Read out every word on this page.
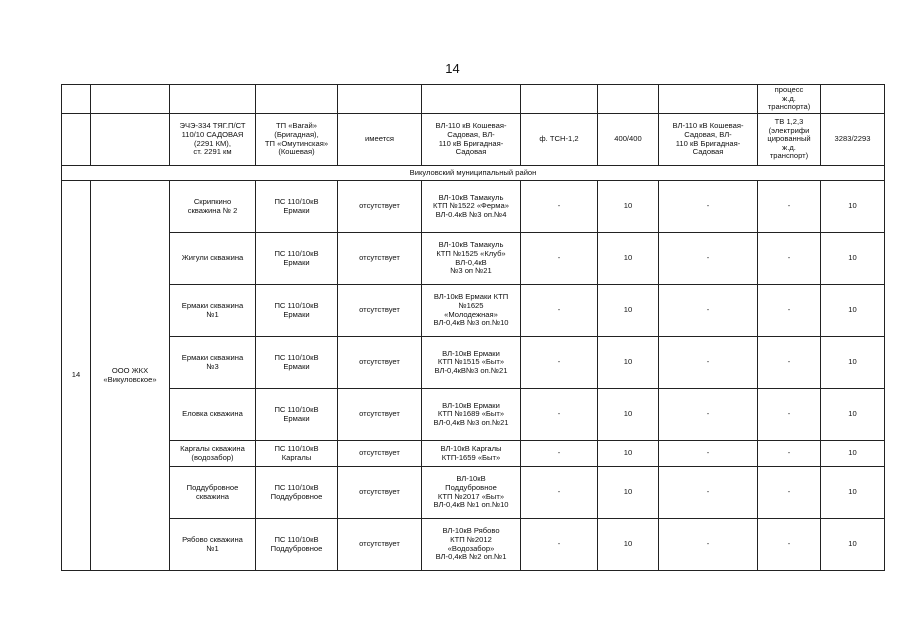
14
									процесс
ж.д.
транспорта)	
		ЭЧЭ-334 ТЯГ.П/СТ
110/10 САДОВАЯ
(2291 КМ),
ст. 2291 км	ТП «Вагай»
(Бригадная),
ТП «Омутинская»
(Кошевая)	имеется	ВЛ-110 кВ Кошевая-
Садовая, ВЛ-
110 кВ Бригадная-
Садовая	ф. ТСН-1,2	400/400	ВЛ-110 кВ Кошевая-
Садовая, ВЛ-
110 кВ Бригадная-
Садовая	ТВ 1,2,3
(электрифи
цированный
ж.д.
транспорт)	3283/2293
Викуловский муниципальный район										
14	ООО ЖКХ
«Викуловское»	Скрипкино
скважина № 2	ПС 110/10кВ
Ермаки	отсутствует	ВЛ-10кВ Тамакуль
КТП №1522 «Ферма»
ВЛ-0.4кВ №3 оп.№4	-	10	-	-	10
		Жигули скважина	ПС 110/10кВ
Ермаки	отсутствует	ВЛ-10кВ Тамакуль
КТП №1525 «Клуб»
ВЛ-0,4кВ
№3 оп №21	-	10	-	-	10
		Ермаки скважина
№1	ПС 110/10кВ
Ермаки	отсутствует	ВЛ-10кВ Ермаки КТП
№1625
«Молодежная»
ВЛ-0,4кВ №3 оп.№10	-	10	-	-	10
		Ермаки скважина
№3	ПС 110/10кВ
Ермаки	отсутствует	ВЛ-10кВ Ермаки
КТП №1515 «Быт»
ВЛ-0,4кВ№3 оп.№21	-	10	-	-	10
		Еловка скважина	ПС 110/10кВ
Ермаки	отсутствует	ВЛ-10кВ Ермаки
КТП №1689 «Быт»
ВЛ-0,4кВ №3 оп.№21	-	10	-	-	10
		Каргалы скважина
(водозабор)	ПС 110/10кВ
Каргалы	отсутствует	ВЛ-10кВ Каргалы
КТП-1659 «Быт»	-	10	-	-	10
		Поддубровное
скважина	ПС 110/10кВ
Поддубровное	отсутствует	ВЛ-10кВ
Поддубровное
КТП №2017 «Быт»
ВЛ-0,4кВ №1 оп.№10	-	10	-	-	10
		Рябово скважина
№1	ПС 110/10кВ
Поддубровное	отсутствует	ВЛ-10кВ Рябово
КТП №2012
«Водозабор»
ВЛ-0,4кВ №2 оп.№1	-	10	-	-	10
